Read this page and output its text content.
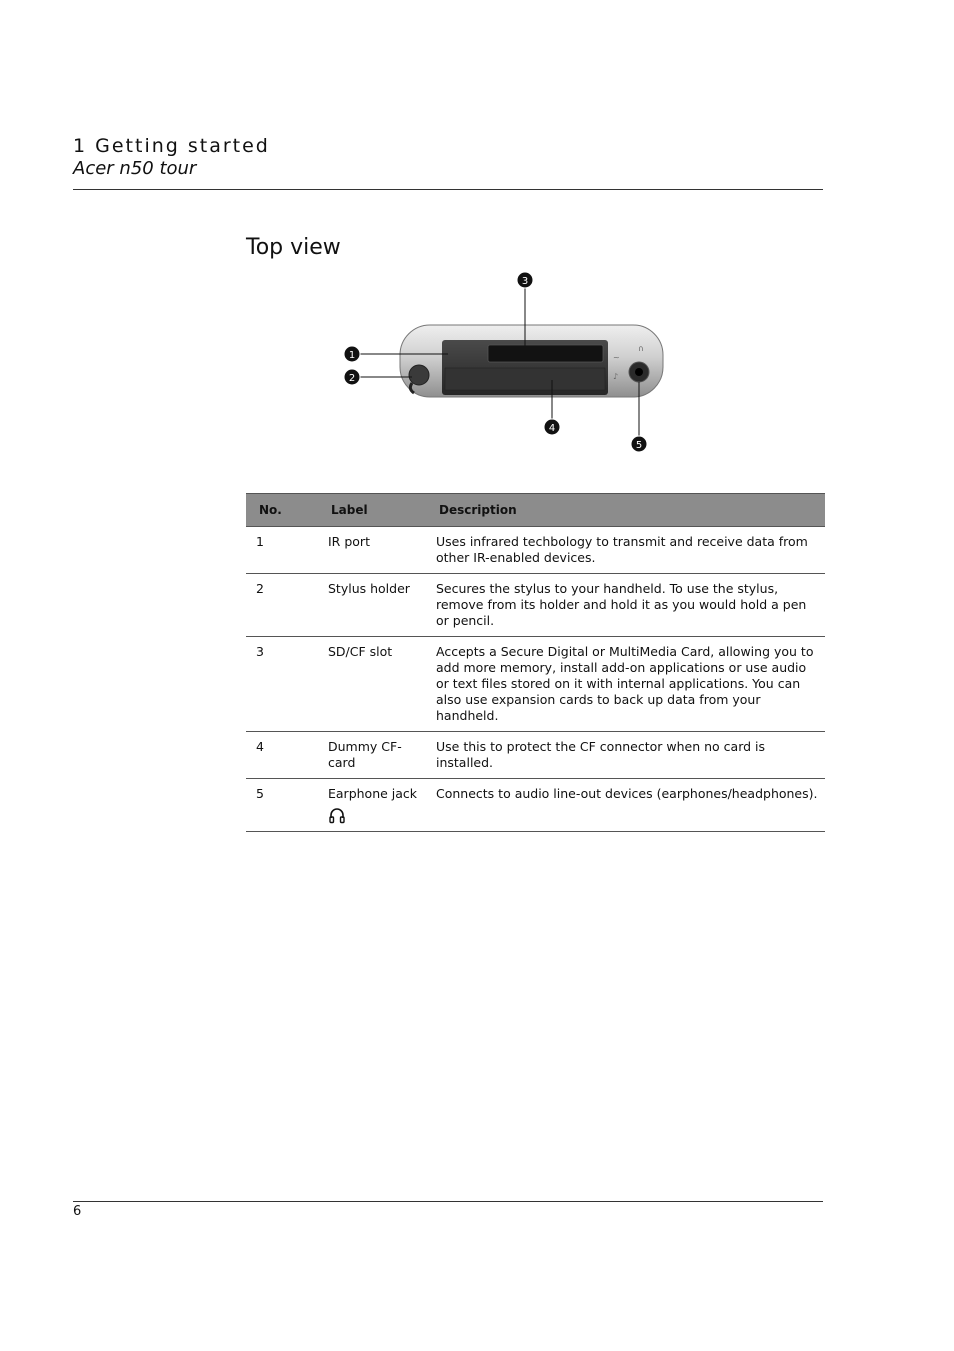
1 Getting started
Acer n50 tour
Top view
~
∩
♪
1
2
3
4
5
No.	Label	Description
1	IR port	Uses infrared techbology to transmit and receive data from other IR-enabled devices.
2	Stylus holder	Secures the stylus to your handheld. To use the stylus, remove from its holder and hold it as you would hold a pen or pencil.
3	SD/CF slot	Accepts a Secure Digital or MultiMedia Card, allowing you to add more memory, install add-on applications or use audio or text files stored on it with internal applications. You can also use expansion cards to back up data from your handheld.
4	Dummy CF-card	Use this to protect the CF connector when no card is installed.
5	Earphone jack	Connects to audio line-out devices (earphones/headphones).
6
